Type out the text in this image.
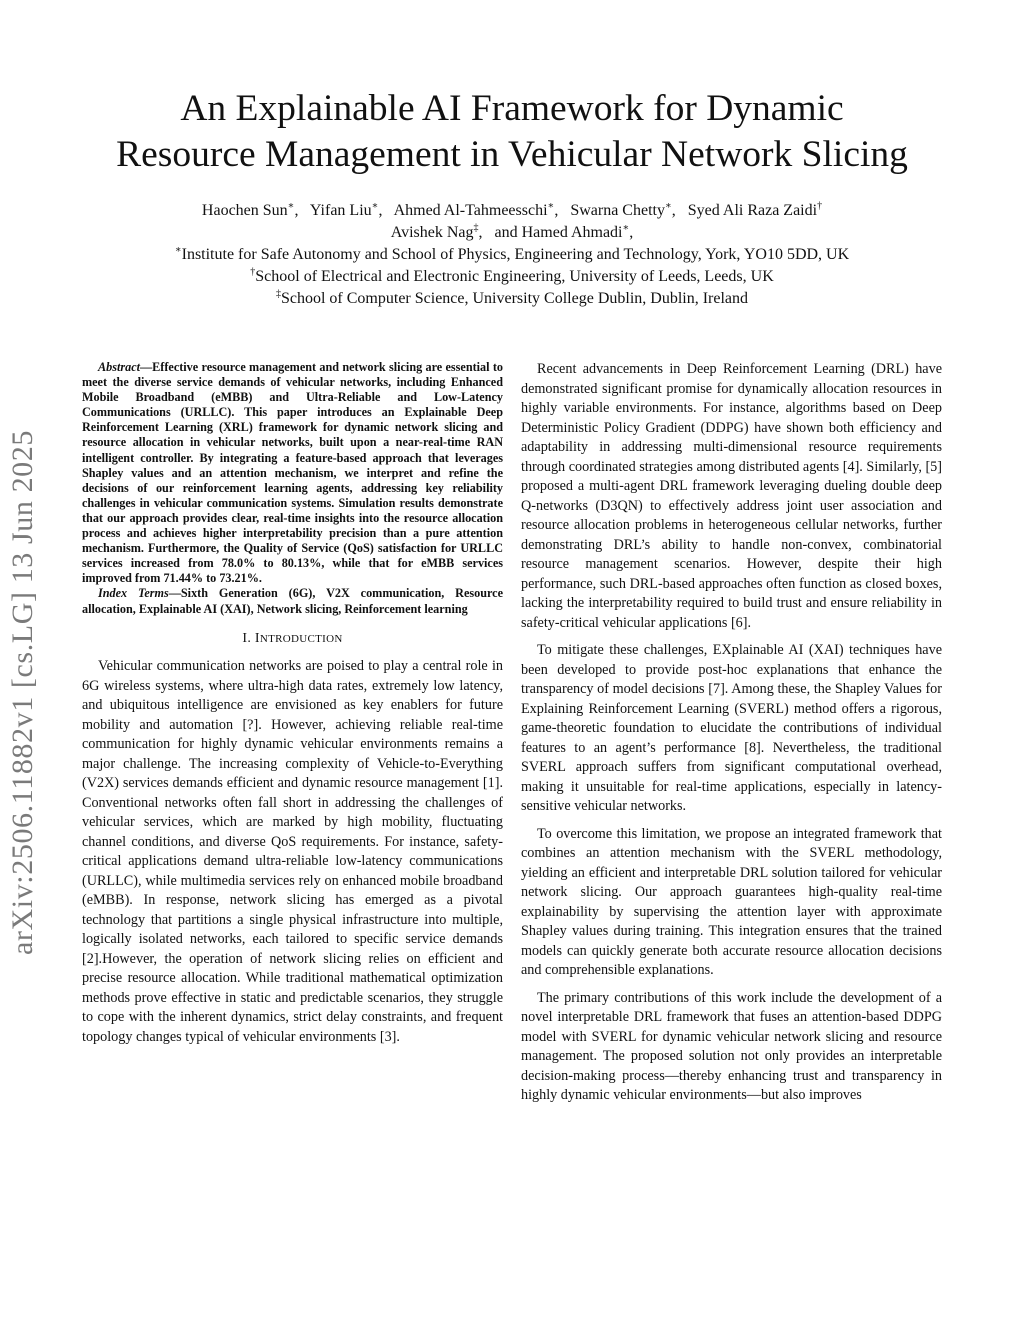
arXiv:2506.11882v1 [cs.LG] 13 Jun 2025
An Explainable AI Framework for Dynamic
Resource Management in Vehicular Network Slicing
Haochen Sun∗, Yifan Liu∗, Ahmed Al-Tahmeesschi∗, Swarna Chetty∗, Syed Ali Raza Zaidi†
Avishek Nag‡, and Hamed Ahmadi∗,
∗Institute for Safe Autonomy and School of Physics, Engineering and Technology, York, YO10 5DD, UK
†School of Electrical and Electronic Engineering, University of Leeds, Leeds, UK
‡School of Computer Science, University College Dublin, Dublin, Ireland

Abstract—Effective resource management and network slicing are essential to meet the diverse service demands of vehicular networks, including Enhanced Mobile Broadband (eMBB) and Ultra-Reliable and Low-Latency Communications (URLLC). This paper introduces an Explainable Deep Reinforcement Learning (XRL) framework for dynamic network slicing and resource allocation in vehicular networks, built upon a near-real-time RAN intelligent controller. By integrating a feature-based approach that leverages Shapley values and an attention mechanism, we interpret and refine the decisions of our reinforcement learning agents, addressing key reliability challenges in vehicular communication systems. Simulation results demonstrate that our approach provides clear, real-time insights into the resource allocation process and achieves higher interpretability precision than a pure attention mechanism. Furthermore, the Quality of Service (QoS) satisfaction for URLLC services increased from 78.0% to 80.13%, while that for eMBB services improved from 71.44% to 73.21%.

Index Terms—Sixth Generation (6G), V2X communication, Resource allocation, Explainable AI (XAI), Network slicing, Reinforcement learning

I. INTRODUCTION

Vehicular communication networks are poised to play a central role in 6G wireless systems, where ultra-high data rates, extremely low latency, and ubiquitous intelligence are envisioned as key enablers for future mobility and automation [?]. However, achieving reliable real-time communication for highly dynamic vehicular environments remains a major challenge. The increasing complexity of Vehicle-to-Everything (V2X) services demands efficient and dynamic resource management [1]. Conventional networks often fall short in addressing the challenges of vehicular services, which are marked by high mobility, fluctuating channel conditions, and diverse QoS requirements. For instance, safety-critical applications demand ultra-reliable low-latency communications (URLLC), while multimedia services rely on enhanced mobile broadband (eMBB). In response, network slicing has emerged as a pivotal technology that partitions a single physical infrastructure into multiple, logically isolated networks, each tailored to specific service demands [2].However, the operation of network slicing relies on efficient and precise resource allocation. While traditional mathematical optimization methods prove effective in static and predictable scenarios, they struggle to cope with the inherent dynamics, strict delay constraints, and frequent topology changes typical of vehicular environments [3].

Recent advancements in Deep Reinforcement Learning (DRL) have demonstrated significant promise for dynamically allocation resources in highly variable environments. For instance, algorithms based on Deep Deterministic Policy Gradient (DDPG) have shown both efficiency and adaptability in addressing multi-dimensional resource requirements through coordinated strategies among distributed agents [4]. Similarly, [5] proposed a multi-agent DRL framework leveraging dueling double deep Q-networks (D3QN) to effectively address joint user association and resource allocation problems in heterogeneous cellular networks, further demonstrating DRL’s ability to handle non-convex, combinatorial resource management scenarios. However, despite their high performance, such DRL-based approaches often function as closed boxes, lacking the interpretability required to build trust and ensure reliability in safety-critical vehicular applications [6].

To mitigate these challenges, EXplainable AI (XAI) techniques have been developed to provide post-hoc explanations that enhance the transparency of model decisions [7]. Among these, the Shapley Values for Explaining Reinforcement Learning (SVERL) method offers a rigorous, game-theoretic foundation to elucidate the contributions of individual features to an agent’s performance [8]. Nevertheless, the traditional SVERL approach suffers from significant computational overhead, making it unsuitable for real-time applications, especially in latency-sensitive vehicular networks.

To overcome this limitation, we propose an integrated framework that combines an attention mechanism with the SVERL methodology, yielding an efficient and interpretable DRL solution tailored for vehicular network slicing. Our approach guarantees high-quality real-time explainability by supervising the attention layer with approximate Shapley values during training. This integration ensures that the trained models can quickly generate both accurate resource allocation decisions and comprehensible explanations.

The primary contributions of this work include the development of a novel interpretable DRL framework that fuses an attention-based DDPG model with SVERL for dynamic vehicular network slicing and resource management. The proposed solution not only provides an interpretable decision-making process—thereby enhancing trust and transparency in highly dynamic vehicular environments—but also improves
